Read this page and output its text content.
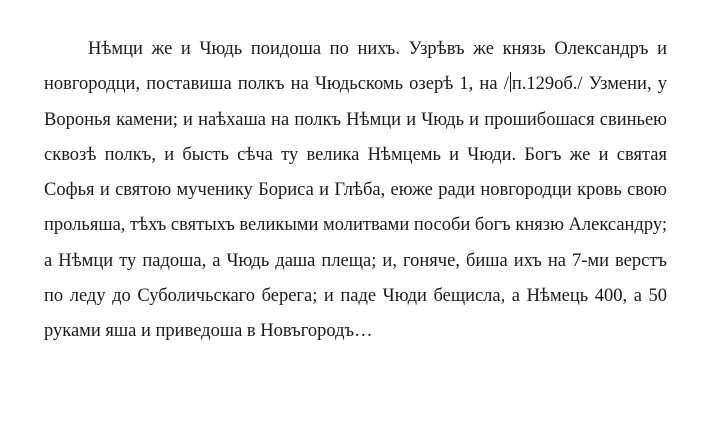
Нѣмци же и Чюдь поидоша по нихъ. Узрѣвъ же князь Олександръ и новгородци, поставиша полкъ на Чюдьскомь озерѣ 1, на / п.129об./ Узмени, у Воронья камени; и наѣхаша на полкъ Нѣмци и Чюдь и прошибошася свиньею сквозѣ полкъ, и бысть сѣча ту велика Нѣмцемь и Чюди. Богъ же и святая Софья и святою мученику Бориса и Глѣба, еюже ради новгородци кровь свою прольяша, тѣхъ святыхъ великыми молитвами пособи богъ князю Александру; а Нѣмци ту падоша, а Чюдь даша плеща; и, гоняче, биша ихъ на 7-ми верстъ по леду до Суболичьскаго берега; и паде Чюди бещисла, а Нѣмець 400, а 50 руками яша и приведоша в Новъгородъ…
